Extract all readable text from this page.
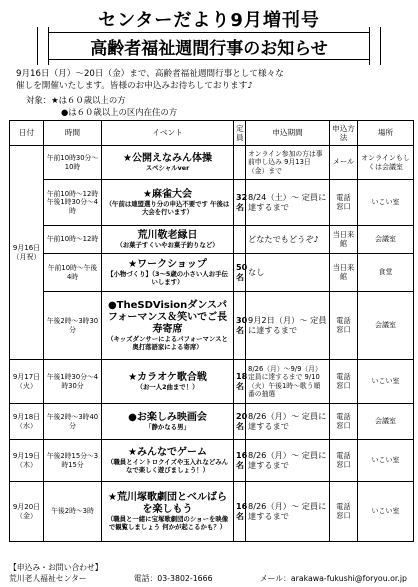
センターだより9月増刊号
高齢者福祉週間行事のお知らせ
9月16日（月）～20日（金）まで、高齢者福祉週間行事として様々な
催しを開催いたします。皆様のお申込みお待ちしております♪
対象：★は６０歳以上の方
●は６０歳以上の区内在住の方
日付	時間	イベント	定員	申込期間	申込方法	場所
9月16日（月祝）	午前10時30分～10時	★公開えなみん体操
スペシャルver		オンライン参加の方は事前申し込み 9月13日（金）まで	メール	オンラインもしくは会議室
	午前10時～12時 午後1時30分～4時	★麻雀大会
（午前は連盟選り分の申込不要です 午後は大会を行います）	32名	8/24（土）～ 定員に達するまで	電話 窓口	いこい室
	午前10時～12時	荒川敬老縁日
（お菓子すくいやお菓子釣りなど）		どなたでもどうぞ♪	当日来館	会議室
	午前10時～午後4時	★ワークショップ
【小物づくり】（3～5歳の小さい人お手伝いします）	50名	なし	当日来館	食堂
	午後2時～3時30分	●TheSDVisionダンスパフォーマンス＆笑いでご長寿寄席
（キッズダンサーによるパフォーマンスと奥打落語家による寄席）	30名	9月2日（月）～ 定員に達するまで	電話 窓口	会議室
9月17日（火）	午後1時30分～4時30分	★カラオケ歌合戦
（お一人2曲まで！）	18名	8/26（月）～9/9（月）定員に達するまで 9/10（火）午後1時～歌う順番の抽選	電話 窓口	いこい室
9月18日（水）	午後2時～3時40分	●お楽しみ映画会
「静かなる男」	20名	8/26（月）～ 定員に達するまで	電話 窓口	会議室
9月19日（木）	午後2時15分～3時15分	★みんなでゲーム
（職員とイントロクイズや玉入れなどみんなで楽しく遊びましょう！）	16名	8/26（月）～ 定員に達するまで	電話 窓口	いこい室
9月20日（金）	午後2時～3時	★荒川塚歌劇団とベルばらを楽しもう
（職員と一緒に宝塚歌劇団のショーを映像で観覧しましょう 何かが起こるかも？）	16名	8/26（月）～ 定員に達するまで	電話 窓口	いこい室
【申込み・お問い合わせ】
荒川老人福祉センター	電話：03-3802-1666	メール：arakawa-fukushi@foryou.or.jp
